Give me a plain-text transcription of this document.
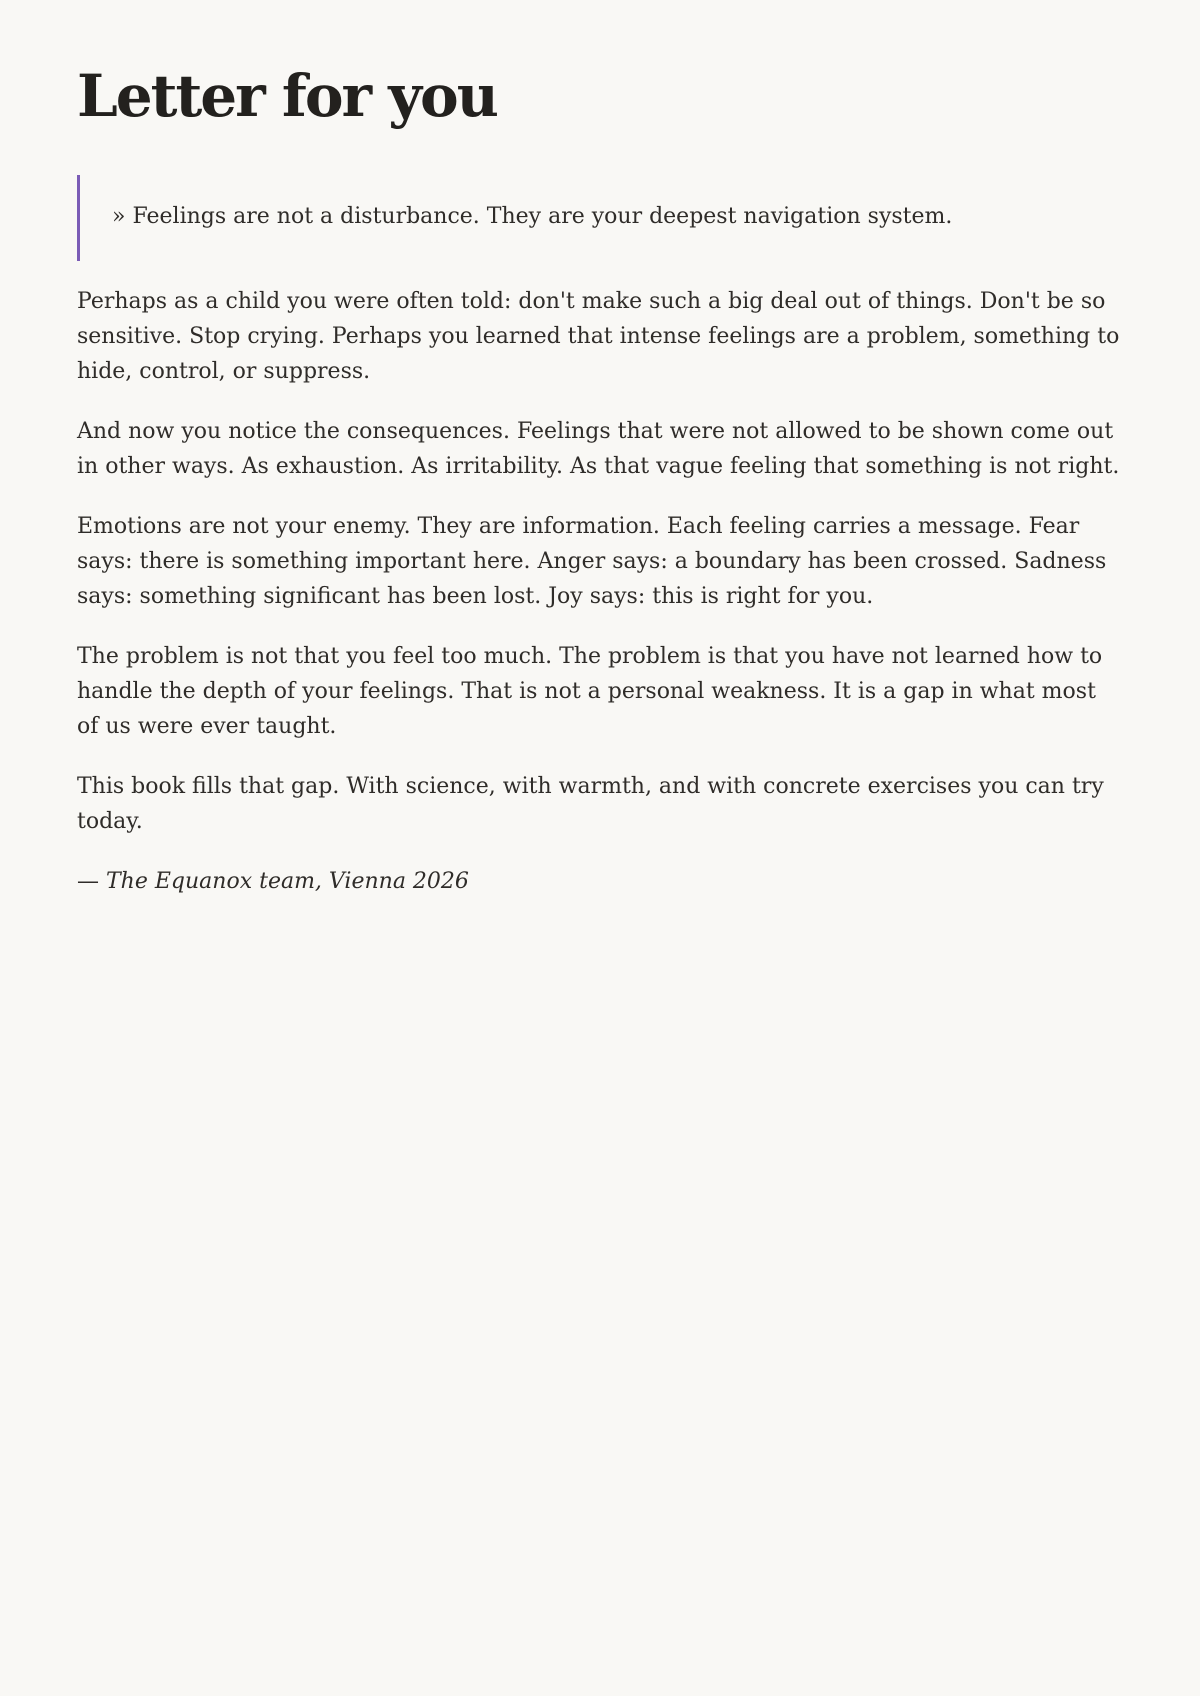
Letter for you
» Feelings are not a disturbance. They are your deepest navigation system.

Perhaps as a child you were often told: don't make such a big deal out of things. Don't be so sensitive. Stop crying. Perhaps you learned that intense feelings are a problem, something to hide, control, or suppress.

And now you notice the consequences. Feelings that were not allowed to be shown come out in other ways. As exhaustion. As irritability. As that vague feeling that something is not right.

Emotions are not your enemy. They are information. Each feeling carries a message. Fear says: there is something important here. Anger says: a boundary has been crossed. Sadness says: something significant has been lost. Joy says: this is right for you.

The problem is not that you feel too much. The problem is that you have not learned how to handle the depth of your feelings. That is not a personal weakness. It is a gap in what most of us were ever taught.

This book fills that gap. With science, with warmth, and with concrete exercises you can try today.

— The Equanox team, Vienna 2026
